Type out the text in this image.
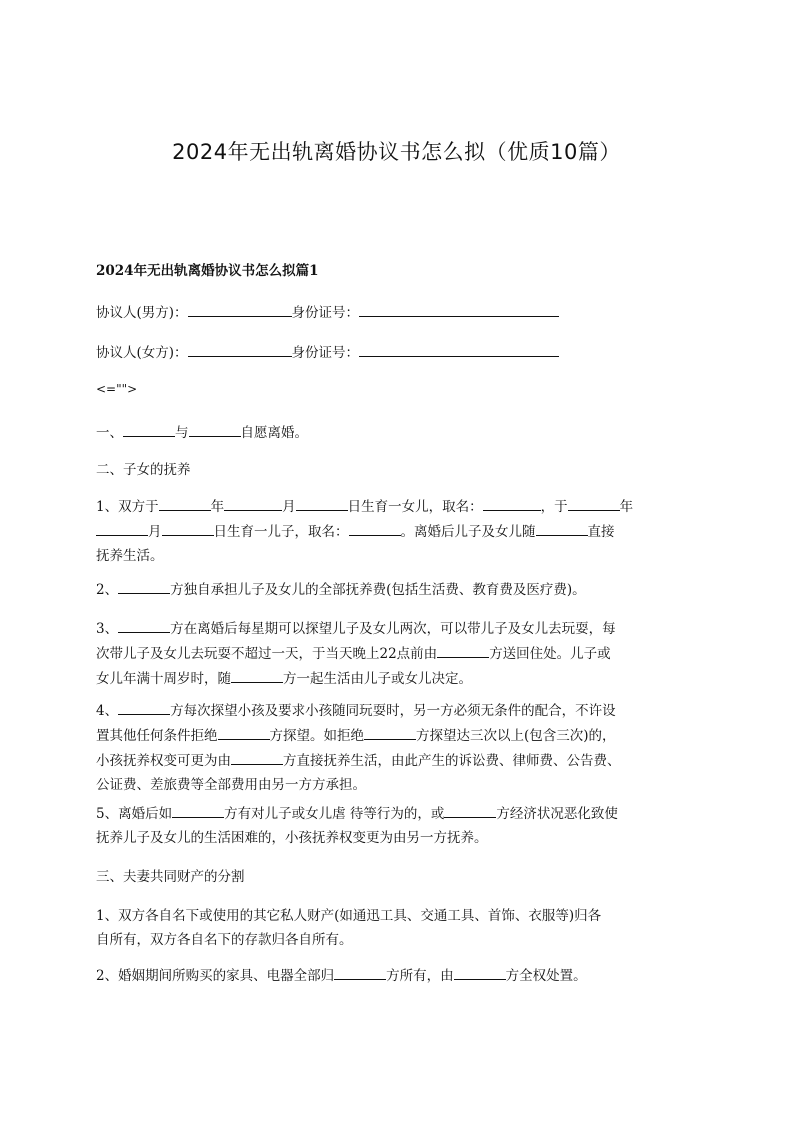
2024年无出轨离婚协议书怎么拟（优质10篇）
2024年无出轨离婚协议书怎么拟篇1
协议人(男方)：	身份证号：
协议人(女方)：	身份证号：
<="">
一、	与	自愿离婚。
二、子女的抚养
1、双方于	年	月	日生育一女儿，取名：	，于	年
月	日生育一儿子，取名：	。离婚后儿子及女儿随	直接
抚养生活。
2、	方独自承担儿子及女儿的全部抚养费(包括生活费、教育费及医疗费)。
3、	方在离婚后每星期可以探望儿子及女儿两次，可以带儿子及女儿去玩耍，每
次带儿子及女儿去玩耍不超过一天，于当天晚上22点前由	方送回住处。儿子或
女儿年满十周岁时，随	方一起生活由儿子或女儿决定。
4、	方每次探望小孩及要求小孩随同玩耍时，另一方必须无条件的配合，不许设
置其他任何条件拒绝	方探望。如拒绝	方探望达三次以上(包含三次)的，
小孩抚养权变可更为由	方直接抚养生活，由此产生的诉讼费、律师费、公告费、
公证费、差旅费等全部费用由另一方方承担。
5、离婚后如	方有对儿子或女儿虐 待等行为的，或	方经济状况恶化致使
抚养儿子及女儿的生活困难的，小孩抚养权变更为由另一方抚养。
三、夫妻共同财产的分割
1、双方各自名下或使用的其它私人财产(如通迅工具、交通工具、首饰、衣服等)归各
自所有，双方各自名下的存款归各自所有。
2、婚姻期间所购买的家具、电器全部归	方所有，由	方全权处置。
